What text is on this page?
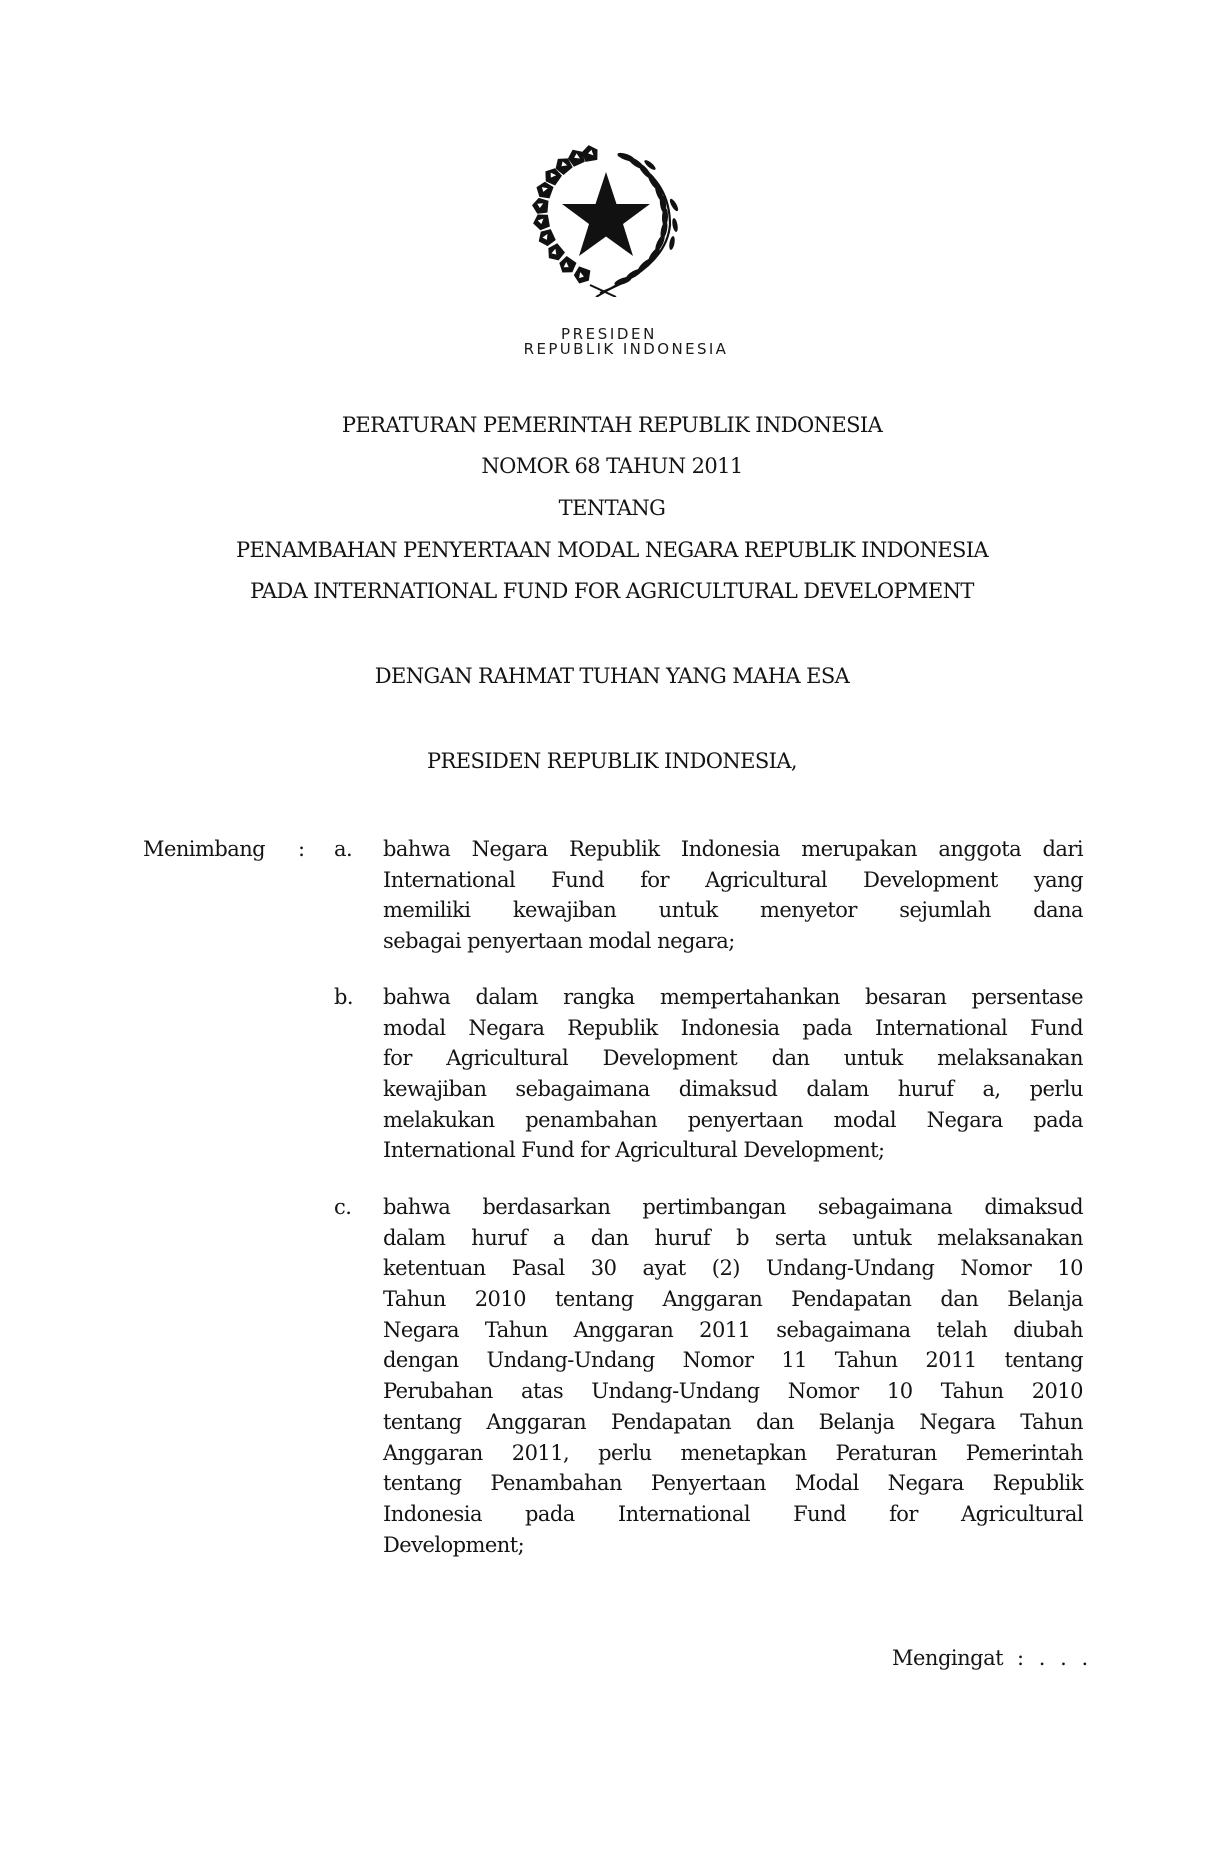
PRESIDEN
REPUBLIK INDONESIA
PERATURAN PEMERINTAH REPUBLIK INDONESIA
NOMOR 68 TAHUN 2011
TENTANG
PENAMBAHAN PENYERTAAN MODAL NEGARA REPUBLIK INDONESIA
PADA INTERNATIONAL FUND FOR AGRICULTURAL DEVELOPMENT
DENGAN RAHMAT TUHAN YANG MAHA ESA
PRESIDEN REPUBLIK INDONESIA,
Menimbang : a. bahwa Negara Republik Indonesia merupakan anggota dari
International Fund for Agricultural Development yang
memiliki kewajiban untuk menyetor sejumlah dana
sebagai penyertaan modal negara;
b. bahwa dalam rangka mempertahankan besaran persentase
modal Negara Republik Indonesia pada International Fund
for Agricultural Development dan untuk melaksanakan
kewajiban sebagaimana dimaksud dalam huruf a, perlu
melakukan penambahan penyertaan modal Negara pada
International Fund for Agricultural Development;
c. bahwa berdasarkan pertimbangan sebagaimana dimaksud
dalam huruf a dan huruf b serta untuk melaksanakan
ketentuan Pasal 30 ayat (2) Undang-Undang Nomor 10
Tahun 2010 tentang Anggaran Pendapatan dan Belanja
Negara Tahun Anggaran 2011 sebagaimana telah diubah
dengan Undang-Undang Nomor 11 Tahun 2011 tentang
Perubahan atas Undang-Undang Nomor 10 Tahun 2010
tentang Anggaran Pendapatan dan Belanja Negara Tahun
Anggaran 2011, perlu menetapkan Peraturan Pemerintah
tentang Penambahan Penyertaan Modal Negara Republik
Indonesia pada International Fund for Agricultural
Development;
Mengingat : . . .
